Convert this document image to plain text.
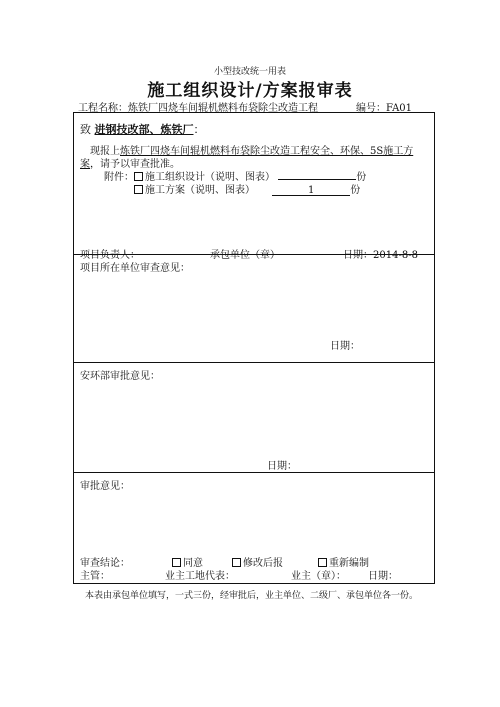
小型技改统一用表
施工组织设计/方案报审表
工程名称：炼铁厂四烧车间辊机燃料布袋除尘改造工程	编号：FA01
致 进钢技改部、炼铁厂：
现报上炼铁厂四烧车间辊机燃料布袋除尘改造工程安全、环保、5S施工方
案，请予以审查批准。
附件： 施工组织设计（说明、图表）	份
施工方案（说明、图表）	1	份
项目负责人：	承包单位（章）	日期：2014-8-8
项目所在单位审查意见：
日期：
安环部审批意见：
日期：
审批意见：
审查结论：	同意	修改后报	重新编制
主管：	业主工地代表：	业主（章）： 日期：
本表由承包单位填写，一式三份，经审批后，业主单位、二级厂、承包单位各一份。
